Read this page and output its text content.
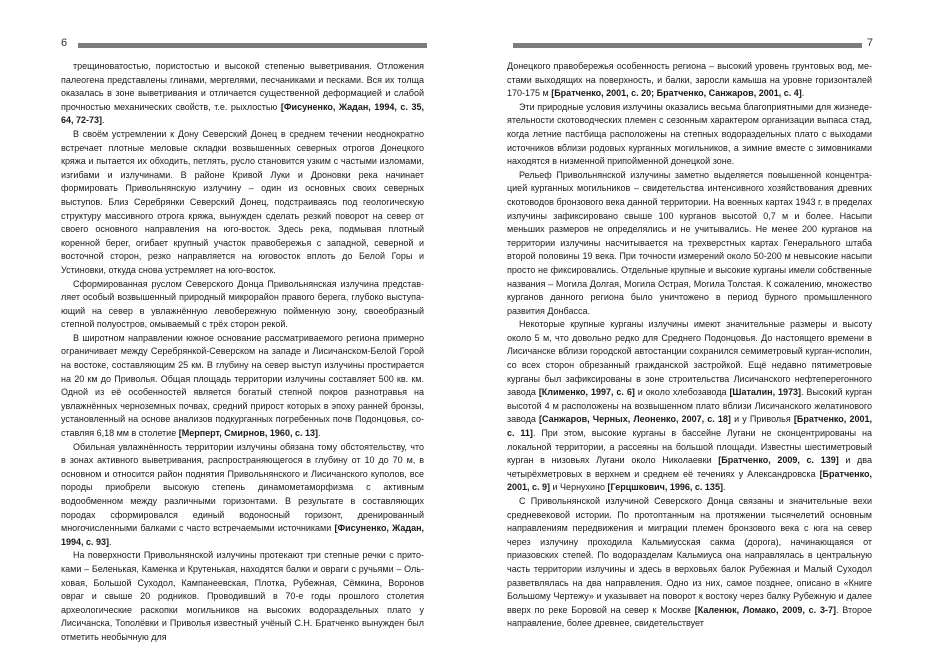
6

трещиноватостью, пористостью и высокой степенью выветривания. Отложения палеогена представлены глинами, мергелями, песчаниками и песками. Вся их толща оказалась в зоне выветривания и отличается существенной деформацией и слабой прочностью механических свойств, т.е. рыхлостью [Фисуненко, Жадан, 1994, с. 35, 64, 72-73].

В своём устремлении к Дону Северский Донец в среднем течении неоднократно встречает плотные меловые складки возвышенных северных отрогов Донецкого кряжа и пытается их обходить, петлять, русло становится узким с частыми изломами, изгибами и излучинами. В районе Кривой Луки и Дроновки река начинает формировать Привольнянскую излучину – один из основных своих северных выступов. Близ Серебрянки Северский Донец, подстраиваясь под геологическую структуру массивного отрога кряжа, вынужден сделать резкий поворот на север от своего основного направления на юго-восток. Здесь река, подмывая плотный коренной берег, огибает крупный участок правобережья с западной, северной и восточной сторон, резко направляется на юговосток вплоть до Белой Горы и Устиновки, откуда снова устремляет на юго-восток.

Сформированная руслом Северского Донца Привольнянская излучина представляет особый возвышенный природный микрорайон правого берега, глубоко выступающий на север в увлажнённую левобережную пойменную зону, своеобразный степной полуостров, омываемый с трёх сторон рекой.

В широтном направлении южное основание рассматриваемого региона примерно ограничивает между Серебрянкой-Северском на западе и Лисичанском-Белой Горой на востоке, составляющим 25 км. В глубину на север выступ излучины простирается на 20 км до Приволья. Общая площадь территории излучины составляет 500 кв. км. Одной из её особенностей является богатый степной покров разнотравья на увлажнённых черноземных почвах, средний прирост которых в эпоху ранней бронзы, установленный на основе анализов подкурганных погребенных почв Подонцовья, составляя 6,18 мм в столетие [Мерперт, Смирнов, 1960, с. 13].

Обильная увлажнённость территории излучины обязана тому обстоятельству, что в зонах активного выветривания, распространяющегося в глубину от 10 до 70 м, в основном и относится район поднятия Привольнянского и Лисичанского куполов, все породы приобрели высокую степень динамометаморфизма с активным водообменном между различными горизонтами. В результате в составляющих породах сформировался единый водоносный горизонт, дренированный многочисленными балками с часто встречаемыми источниками [Фисуненко, Жадан, 1994, с. 93].

На поверхности Привольнянской излучины протекают три степные речки с притоками – Беленькая, Каменка и Крутенькая, находятся балки и овраги с ручьями – Ольховая, Большой Суходол, Кампанеевская, Плотка, Рубежная, Сёмкина, Воронов овраг и свыше 20 родников. Проводивший в 70-е годы прошлого столетия археологические раскопки могильников на высоких водораздельных плато у Лисичанска, Тополёвки и Приволья известный учёный С.Н. Братченко вынужден был отметить необычную для

7

Донецкого правобережья особенность региона – высокий уровень грунтовых вод, местами выходящих на поверхность, и балки, заросли камыша на уровне горизонталей 170-175 м [Братченко, 2001, с. 20; Братченко, Санжаров, 2001, с. 4].

Эти природные условия излучины оказались весьма благоприятными для жизнедеятельности скотоводческих племен с сезонным характером организации выпаса стад, когда летние пастбища расположены на степных водораздельных плато с выходами источников вблизи родовых курганных могильников, а зимние вместе с зимовниками находятся в низменной припойменной донецкой зоне.

Рельеф Привольнянской излучины заметно выделяется повышенной концентрацией курганных могильников – свидетельства интенсивного хозяйствования древних скотоводов бронзового века данной территории. На военных картах 1943 г. в пределах излучины зафиксировано свыше 100 курганов высотой 0,7 м и более. Насыпи меньших размеров не определялись и не учитывались. Не менее 200 курганов на территории излучины насчитывается на трехверстных картах Генерального штаба второй половины 19 века. При точности измерений около 50-200 м невысокие насыпи просто не фиксировались. Отдельные крупные и высокие курганы имели собственные названия – Могила Долгая, Могила Острая, Могила Толстая. К сожалению, множество курганов данного региона было уничтожено в период бурного промышленного развития Донбасса.

Некоторые крупные курганы излучины имеют значительные размеры и высоту около 5 м, что довольно редко для Среднего Подонцовья. До настоящего времени в Лисичанске вблизи городской автостанции сохранился семиметровый курган-исполин, со всех сторон обрезанный гражданской застройкой. Ещё недавно пятиметровые курганы был зафиксированы в зоне строительства Лисичанского нефтеперегонного завода [Клименко, 1997, с. 6] и около хлебозавода [Шаталин, 1973]. Высокий курган высотой 4 м расположены на возвышенном плато вблизи Лисичанского желатинового завода [Санжаров, Черных, Леоненко, 2007, с. 18] и у Приволья [Братченко, 2001, с. 11]. При этом, высокие курганы в бассейне Лугани не сконцентрированы на локальной территории, а рассеяны на большой площади. Известны шестиметровый курган в низовьях Лугани около Николаевки [Братченко, 2009, с. 139] и два четырёхметровых в верхнем и среднем её течениях у Александровска [Братченко, 2001, с. 9] и Чернухино [Герцшкович, 1996, с. 135].

С Привольнянской излучиной Северского Донца связаны и значительные вехи средневековой истории. По протоптанным на протяжении тысячелетий основным направлениям передвижения и миграции племен бронзового века с юга на север через излучину проходила Кальмиусская сакма (дорога), начинающаяся от приазовских степей. По водоразделам Кальмиуса она направлялась в центральную часть территории излучины и здесь в верховьях балок Рубежная и Малый Суходол разветвлялась на два направления. Одно из них, самое позднее, описано в «Книге Большому Чертежу» и указывает на поворот к востоку через балку Рубежную и далее вверх по реке Боровой на север к Москве [Каленюк, Ломако, 2009, с. 3-7]. Второе направление, более древнее, свидетельствует
